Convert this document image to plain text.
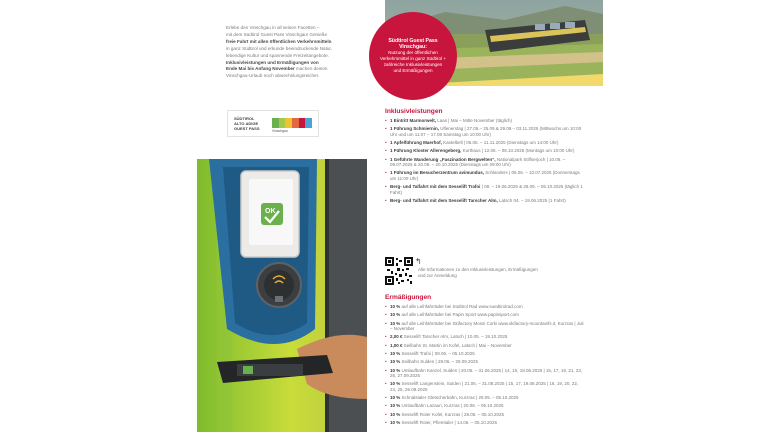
Erlebe den Vinschgau in all seinen Facetten –
mit dem Südtirol Guest Pass Vinschgau! Genieße
freie Fahrt mit allen öffentlichen Verkehrsmitteln
in ganz Südtirol und erkunde beeindruckende Natur,
lebendige Kultur und spannende Freizeitangebote.
Inklusivleistungen und Ermäßigungen von
Ende Mai bis Anfang November machen deinen
Vinschgau-Urlaub noch abwechslungsreicher.
Südtirol Guest Pass
Vinschgau:
Nutzung der öffentlichen Verkehrsmittel in ganz Südtirol + zahlreiche Inklusivleistungen und Ermäßigungen
SÜDTIROL
ALTO ADIGE
GUEST PASS	Vinschgau
OK
Inklusivleistungen
• 1 Eintritt Marmorwelt, Laas | Mai – Mitte November (täglich)
• 1 Führung Schmiernin, Ulfenerstag | 27.05.– 25.09.& 29.09.– 03.11.2025 (Mittwochs um 10:00 Uhr und um 11.07 – 17.08 Samstag um 10:00 Uhr)
• 1 Apfelführung Maerhof, Kastelbell | 06.05. – 11.11.2025 (Dienstags um 14:00 Uhr)
• 1 Führung Kloster Allerengeberg, Kurthaus | 12.06. – 08.10.2025 (Montags um 10:00 Uhr)
• 1 Geführte Wanderung „Faszination Bergwelten“, Nationalpark Stilfserjoch | 10.06. – 09.07.2025 & 20.08. – 20.10.2025 (Dienstags um 09:00 Uhr)
• 1 Führung im Besucherzentrum avimundus, Schlanders | 06.06. – 10.07.2025 (Donnerstags um 11:00 Uhr)
• Berg- und Talfahrt mit dem Sesselift Trafoi | 08. – 19.06.2025 & 28.09. – 05.10.2025 (täglich 1 Fahrt)
• Berg- und Talfahrt mit dem Sesselift Tarscher Alm, Latsch 04. – 19.06.2025 (1 Fahrt)
↰
Alle Informationen zu den Inklusivleistungen, Ermäßigungen und zur Anmeldung
Ermäßigungen
• 10 % auf alle Leihfahrräder bei Südtirol Rad www.suedtirolrad.com
• 10 % auf alle Leihfahrräder bei Papin Sport www.papinsport.com
• 10 % auf alle Leihfahrräder bei Skifactory Mossi Corki www.skifactory-mountainfs.it, Kurzras | Juli – November
• 2,00 € Sesselift Tarscher Alm, Latsch | 10.05. – 19.10.2025
• 1,00 € Seilbahn St. Martin im Kofel, Latsch | Mai – November
• 10 % Sesselift Trafoi | 08.06. – 05.10.2025
• 10 % Seilbahn Sulden | 28.06. – 28.09.2025
• 10 % Umlaufbahn Kanzel, Sulden | 20.06. – 31.06.2025 | 14, 15, 18.06.2025 | 15, 17, 19, 21, 23, 26, 27.09.2025
• 10 % Sesselift Langenstein, Sulden | 21.06. – 31.08.2025 | 15, 17, 19.06.2025 | 16, 19, 20, 22, 24, 25, 26.09.2025
• 10 % Schnalstaler Gletscherbahn, Kurzras | 29.05. – 05.10.2025
• 10 % Umlaufbahn Lazaun, Kurzras | 20.06. – 05.10.2025
• 10 % Sesselift Roter Kofel, Kurzras | 28.06. – 05.10.2025
• 10 % Sesselift Roter, Pfiemtaler | 14.06. – 05.10.2025
